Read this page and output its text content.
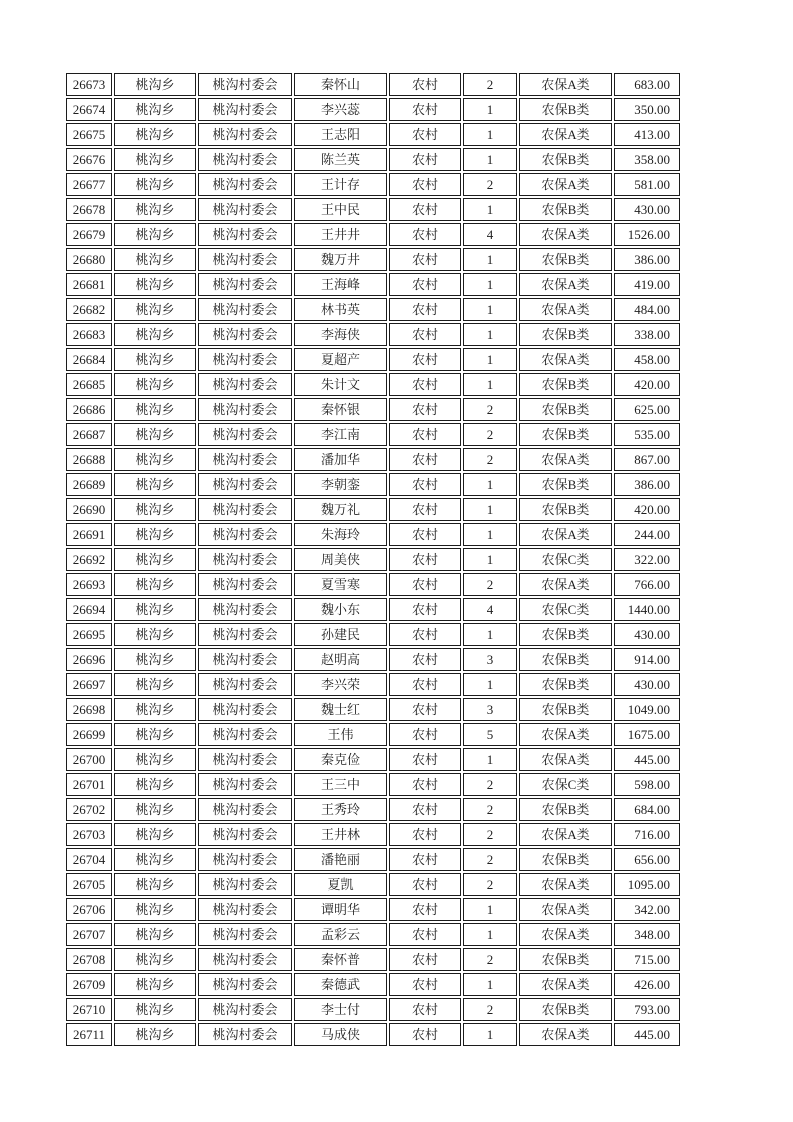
26673	桃沟乡	桃沟村委会	秦怀山	农村	2	农保A类	683.00
26674	桃沟乡	桃沟村委会	李兴蕊	农村	1	农保B类	350.00
26675	桃沟乡	桃沟村委会	王志阳	农村	1	农保A类	413.00
26676	桃沟乡	桃沟村委会	陈兰英	农村	1	农保B类	358.00
26677	桃沟乡	桃沟村委会	王计存	农村	2	农保A类	581.00
26678	桃沟乡	桃沟村委会	王中民	农村	1	农保B类	430.00
26679	桃沟乡	桃沟村委会	王井井	农村	4	农保A类	1526.00
26680	桃沟乡	桃沟村委会	魏万井	农村	1	农保B类	386.00
26681	桃沟乡	桃沟村委会	王海峰	农村	1	农保A类	419.00
26682	桃沟乡	桃沟村委会	林书英	农村	1	农保A类	484.00
26683	桃沟乡	桃沟村委会	李海侠	农村	1	农保B类	338.00
26684	桃沟乡	桃沟村委会	夏超产	农村	1	农保A类	458.00
26685	桃沟乡	桃沟村委会	朱计文	农村	1	农保B类	420.00
26686	桃沟乡	桃沟村委会	秦怀银	农村	2	农保B类	625.00
26687	桃沟乡	桃沟村委会	李江南	农村	2	农保B类	535.00
26688	桃沟乡	桃沟村委会	潘加华	农村	2	农保A类	867.00
26689	桃沟乡	桃沟村委会	李朝銮	农村	1	农保B类	386.00
26690	桃沟乡	桃沟村委会	魏万礼	农村	1	农保B类	420.00
26691	桃沟乡	桃沟村委会	朱海玲	农村	1	农保A类	244.00
26692	桃沟乡	桃沟村委会	周美侠	农村	1	农保C类	322.00
26693	桃沟乡	桃沟村委会	夏雪寒	农村	2	农保A类	766.00
26694	桃沟乡	桃沟村委会	魏小东	农村	4	农保C类	1440.00
26695	桃沟乡	桃沟村委会	孙建民	农村	1	农保B类	430.00
26696	桃沟乡	桃沟村委会	赵明高	农村	3	农保B类	914.00
26697	桃沟乡	桃沟村委会	李兴荣	农村	1	农保B类	430.00
26698	桃沟乡	桃沟村委会	魏士红	农村	3	农保B类	1049.00
26699	桃沟乡	桃沟村委会	王伟	农村	5	农保A类	1675.00
26700	桃沟乡	桃沟村委会	秦克俭	农村	1	农保A类	445.00
26701	桃沟乡	桃沟村委会	王三中	农村	2	农保C类	598.00
26702	桃沟乡	桃沟村委会	王秀玲	农村	2	农保B类	684.00
26703	桃沟乡	桃沟村委会	王井林	农村	2	农保A类	716.00
26704	桃沟乡	桃沟村委会	潘艳丽	农村	2	农保B类	656.00
26705	桃沟乡	桃沟村委会	夏凯	农村	2	农保A类	1095.00
26706	桃沟乡	桃沟村委会	谭明华	农村	1	农保A类	342.00
26707	桃沟乡	桃沟村委会	孟彩云	农村	1	农保A类	348.00
26708	桃沟乡	桃沟村委会	秦怀普	农村	2	农保B类	715.00
26709	桃沟乡	桃沟村委会	秦德武	农村	1	农保A类	426.00
26710	桃沟乡	桃沟村委会	李士付	农村	2	农保B类	793.00
26711	桃沟乡	桃沟村委会	马成侠	农村	1	农保A类	445.00
